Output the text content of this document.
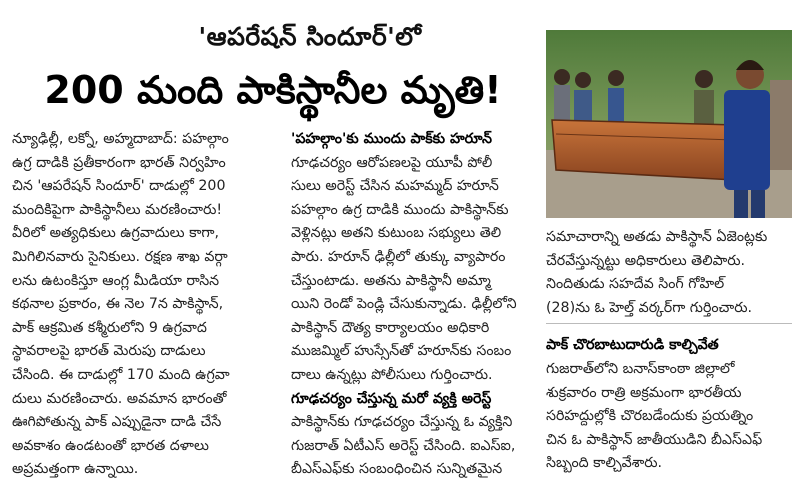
'ఆపరేషన్ సిందూర్'లో
200 మంది పాకిస్థానీల మృతి!
న్యూఢిల్లీ, లక్నో, అహ్మదాబాద్: పహల్గాం
ఉగ్ర దాడికి ప్రతీకారంగా భారత్ నిర్వహిం
చిన 'ఆపరేషన్ సిందూర్' దాడుల్లో 200
మందికిపైగా పాకిస్థానీలు మరణించారు!
వీరిలో అత్యధికులు ఉగ్రవాదులు కాగా,
మిగిలినవారు సైనికులు. రక్షణ శాఖ వర్గా
లను ఉటంకిస్తూ ఆంగ్ల మీడియా రాసిన
కథనాల ప్రకారం, ఈ నెల 7న పాకిస్థాన్,
పాక్ ఆక్రమిత కశ్మీరులోని 9 ఉగ్రవాద
స్థావరాలపై భారత్ మెరుపు దాడులు
చేసింది. ఈ దాడుల్లో 170 మంది ఉగ్రవా
దులు మరణించారు. అవమాన భారంతో
ఊగిపోతున్న పాక్ ఎప్పుడైనా దాడి చేసే
అవకాశం ఉండటంతో భారత దళాలు
అప్రమత్తంగా ఉన్నాయి.
'పహల్గాం'కు ముందు పాక్‌కు హరూన్
గూఢచర్యం ఆరోపణలపై యూపీ పోలీ
సులు అరెస్ట్ చేసిన మహమ్మద్ హరూన్
పహల్గాం ఉగ్ర దాడికి ముందు పాకిస్థాన్‌కు
వెళ్లినట్లు అతని కుటుంబ సభ్యులు తెలి
పారు. హరూన్ ఢిల్లీలో తుక్కు వ్యాపారం
చేస్తుంటాడు. అతను పాకిస్థానీ అమ్మా
యిని రెండో పెండ్లి చేసుకున్నాడు. ఢిల్లీలోని
పాకిస్థాన్ దౌత్య కార్యాలయం అధికారి
ముజమ్మిల్ హుస్సేన్‌తో హరూన్‌కు సంబం
దాలు ఉన్నట్లు పోలీసులు గుర్తించారు.
గూఢచర్యం చేస్తున్న మరో వ్యక్తి అరెస్ట్
పాకిస్థాన్‌కు గూఢచర్యం చేస్తున్న ఓ వ్యక్తిని
గుజరాత్ ఏటీఎస్ అరెస్ట్ చేసింది. ఐఎస్ఐ,
బీఎస్ఎఫ్‌కు సంబంధించిన సున్నితమైన
సమాచారాన్ని అతడు పాకిస్థాన్ ఏజెంట్లకు
చేరవేస్తున్నట్టు అధికారులు తెలిపారు.
నిందితుడు సహదేవ సింగ్ గోహిల్
(28)ను ఓ హెల్త్ వర్కర్‌గా గుర్తించారు.
పాక్ చొరబాటుదారుడి కాల్చివేత
గుజరాత్‌లోని బనాస్‌కాంఠా జిల్లాలో
శుక్రవారం రాత్రి అక్రమంగా భారతీయ
సరిహద్దుల్లోకి చొరబడేందుకు ప్రయత్నిం
చిన ఓ పాకిస్థాన్ జాతీయుడిని బీఎస్ఎఫ్
సిబ్బంది కాల్చివేశారు.
